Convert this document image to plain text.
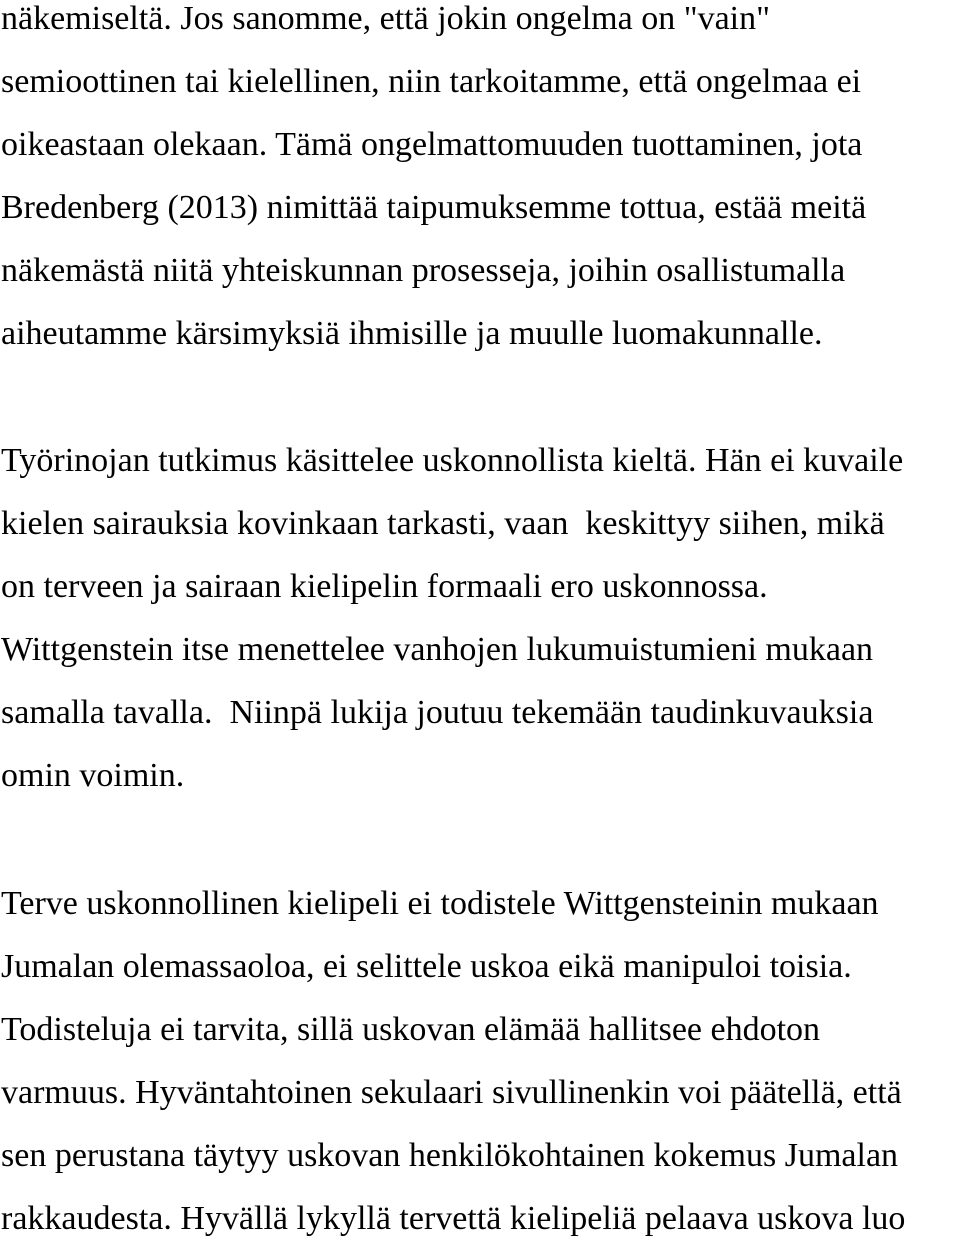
näkemiseltä. Jos sanomme, että jokin ongelma on "vain"
semioottinen tai kielellinen, niin tarkoitamme, että ongelmaa ei
oikeastaan olekaan. Tämä ongelmattomuuden tuottaminen, jota
Bredenberg (2013) nimittää taipumuksemme tottua, estää meitä
näkemästä niitä yhteiskunnan prosesseja, joihin osallistumalla
aiheutamme kärsimyksiä ihmisille ja muulle luomakunnalle.
Työrinojan tutkimus käsittelee uskonnollista kieltä. Hän ei kuvaile
kielen sairauksia kovinkaan tarkasti, vaan  keskittyy siihen, mikä
on terveen ja sairaan kielipelin formaali ero uskonnossa.
Wittgenstein itse menettelee vanhojen lukumuistumieni mukaan
samalla tavalla.  Niinpä lukija joutuu tekemään taudinkuvauksia
omin voimin.
Terve uskonnollinen kielipeli ei todistele Wittgensteinin mukaan
Jumalan olemassaoloa, ei selittele uskoa eikä manipuloi toisia.
Todisteluja ei tarvita, sillä uskovan elämää hallitsee ehdoton
varmuus. Hyväntahtoinen sekulaari sivullinenkin voi päätellä, että
sen perustana täytyy uskovan henkilökohtainen kokemus Jumalan
rakkaudesta. Hyvällä lykyllä tervettä kielipeliä pelaava uskova luo
